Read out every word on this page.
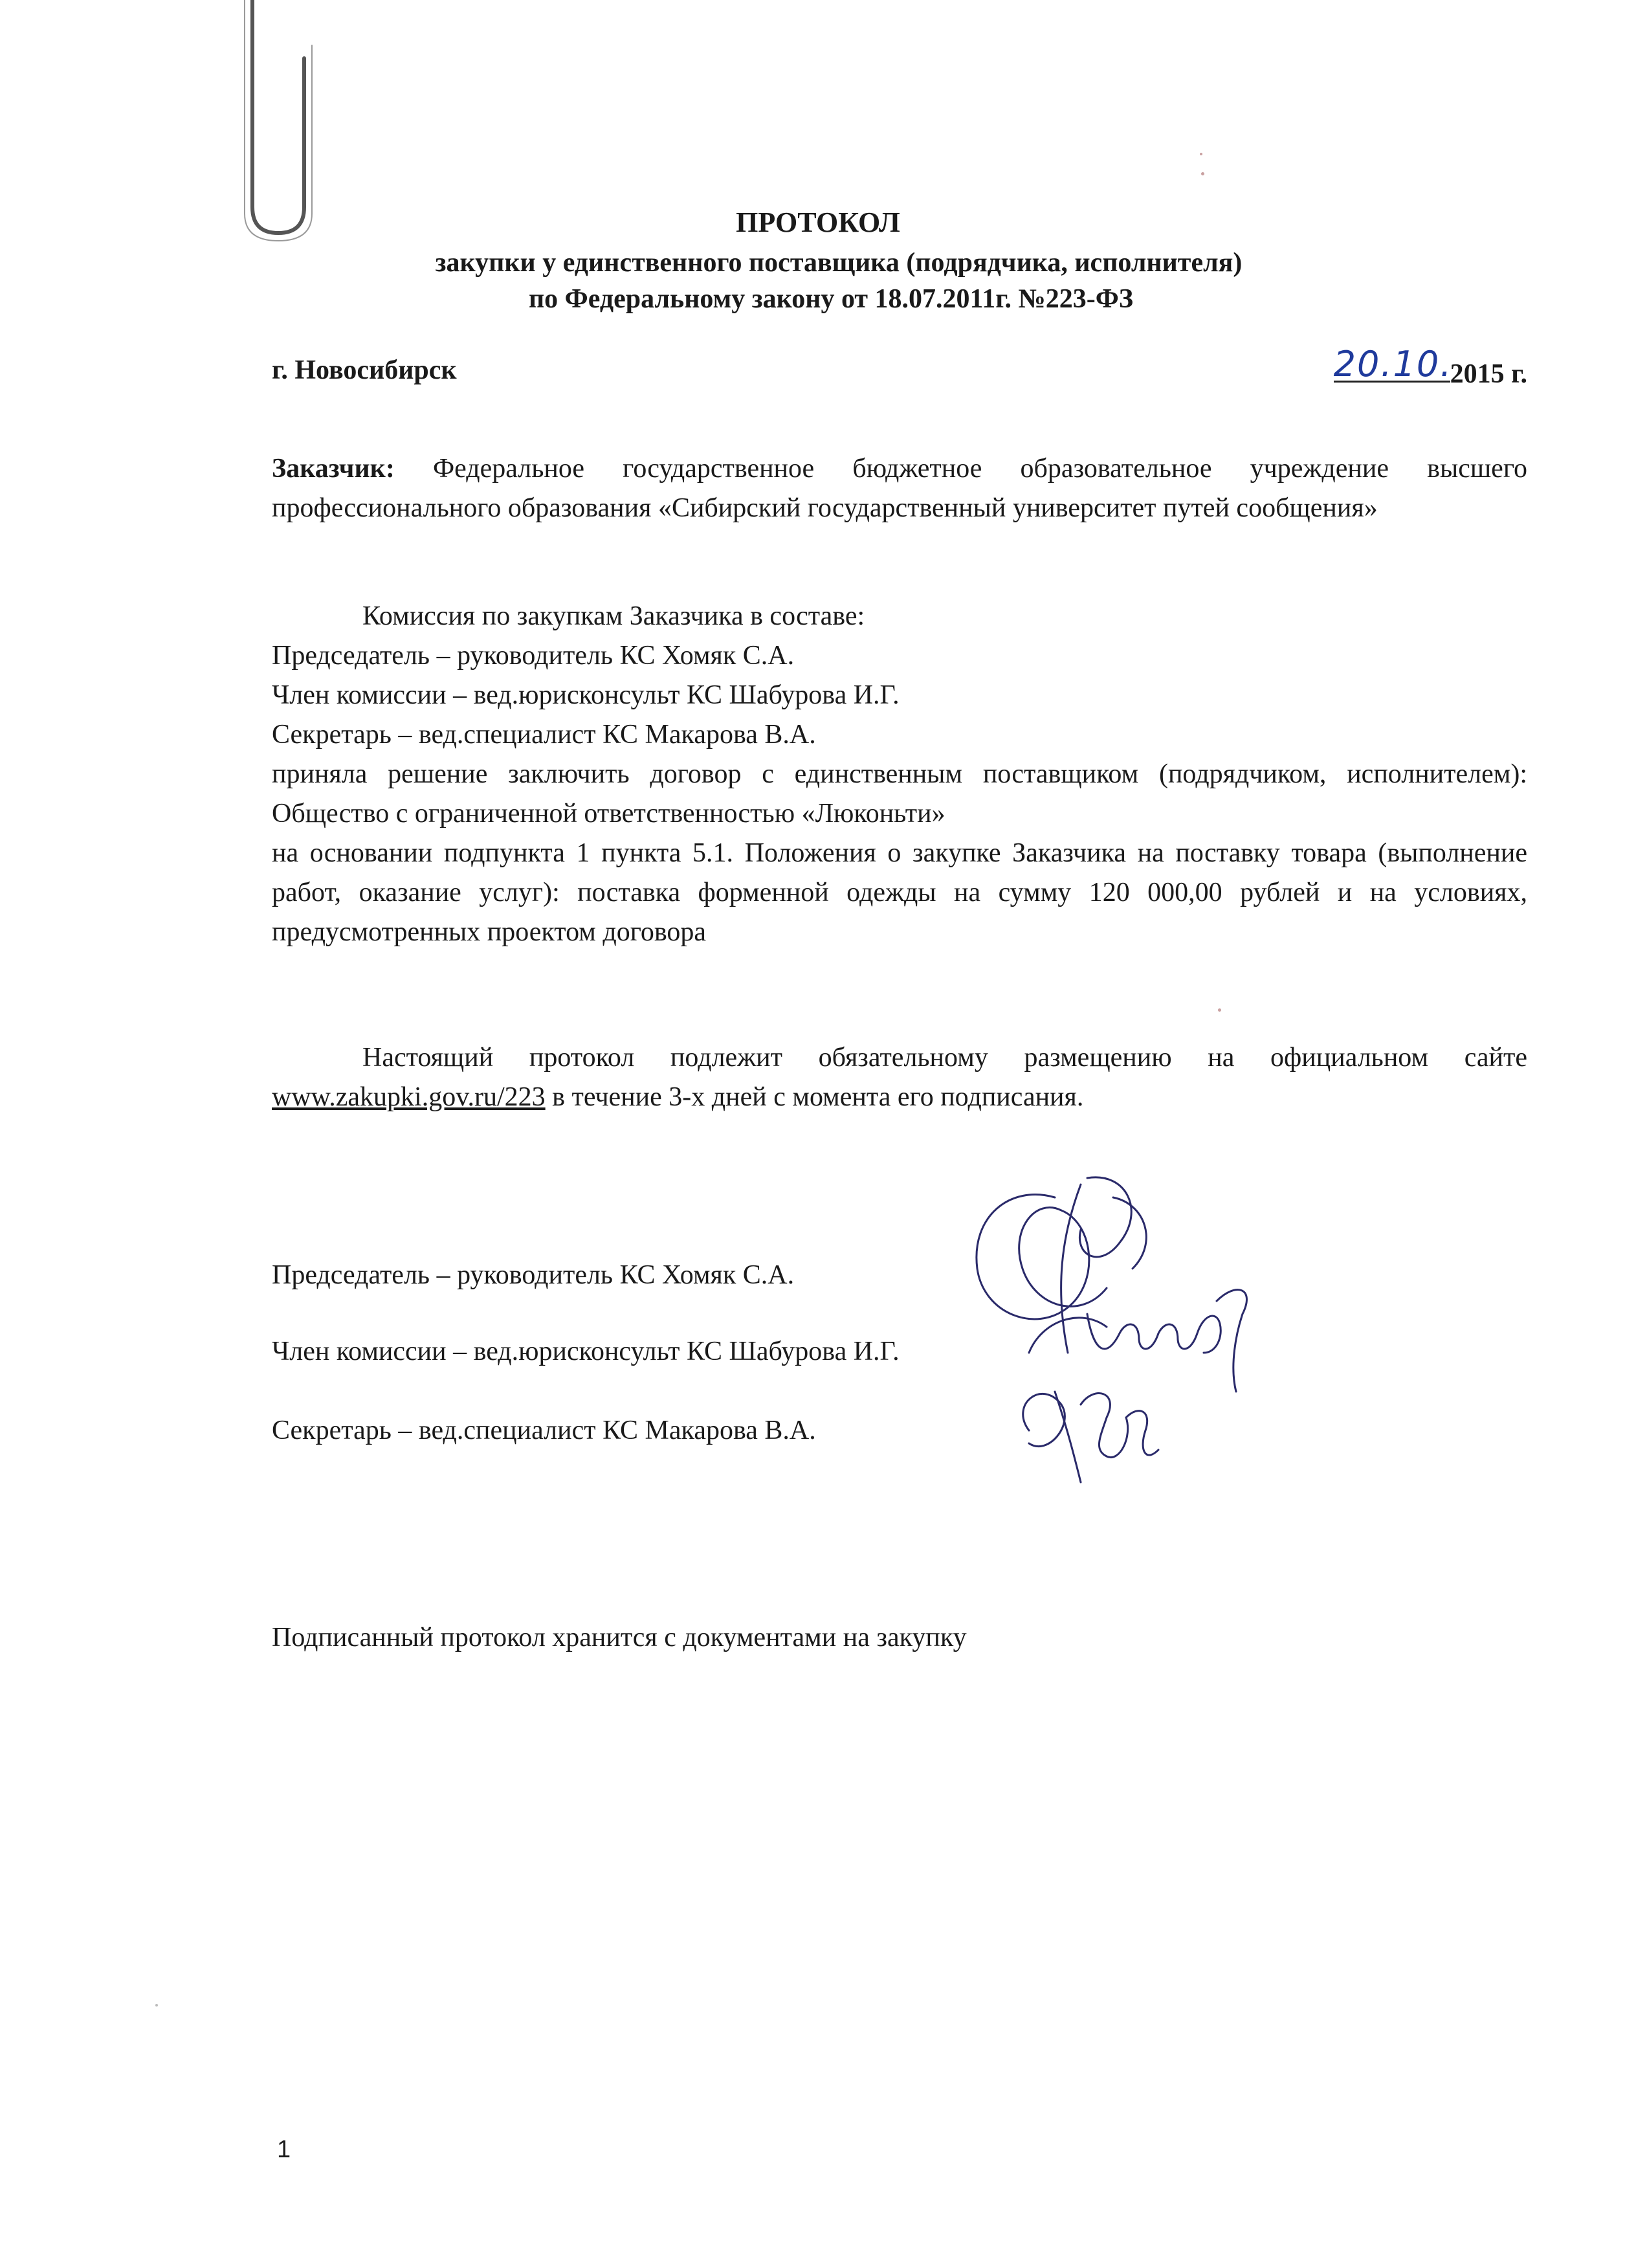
ПРОТОКОЛ
закупки у единственного поставщика (подрядчика, исполнителя)
по Федеральному закону от 18.07.2011г. №223-ФЗ
г. Новосибирск	20.10.2015 г.
Заказчик: Федеральное государственное бюджетное образовательное учреждение высшего профессионального образования «Сибирский государственный университет путей сообщения»

Комиссия по закупкам Заказчика в составе:

Председатель – руководитель КС Хомяк С.А.

Член комиссии – вед.юрисконсульт КС Шабурова И.Г.

Секретарь – вед.специалист КС Макарова В.А.

приняла решение заключить договор с единственным поставщиком (подрядчиком, исполнителем): Общество с ограниченной ответственностью «Люконьти»

на основании подпункта 1 пункта 5.1. Положения о закупке Заказчика на поставку товара (выполнение работ, оказание услуг): поставка форменной одежды на сумму 120 000,00 рублей и на условиях, предусмотренных проектом договора

Настоящий протокол подлежит обязательному размещению на официальном сайте www.zakupki.gov.ru/223 в течение 3-х дней с момента его подписания.
Председатель – руководитель КС Хомяк С.А.
Член комиссии – вед.юрисконсульт КС Шабурова И.Г.
Секретарь – вед.специалист КС Макарова В.А.
Подписанный протокол хранится с документами на закупку
1
